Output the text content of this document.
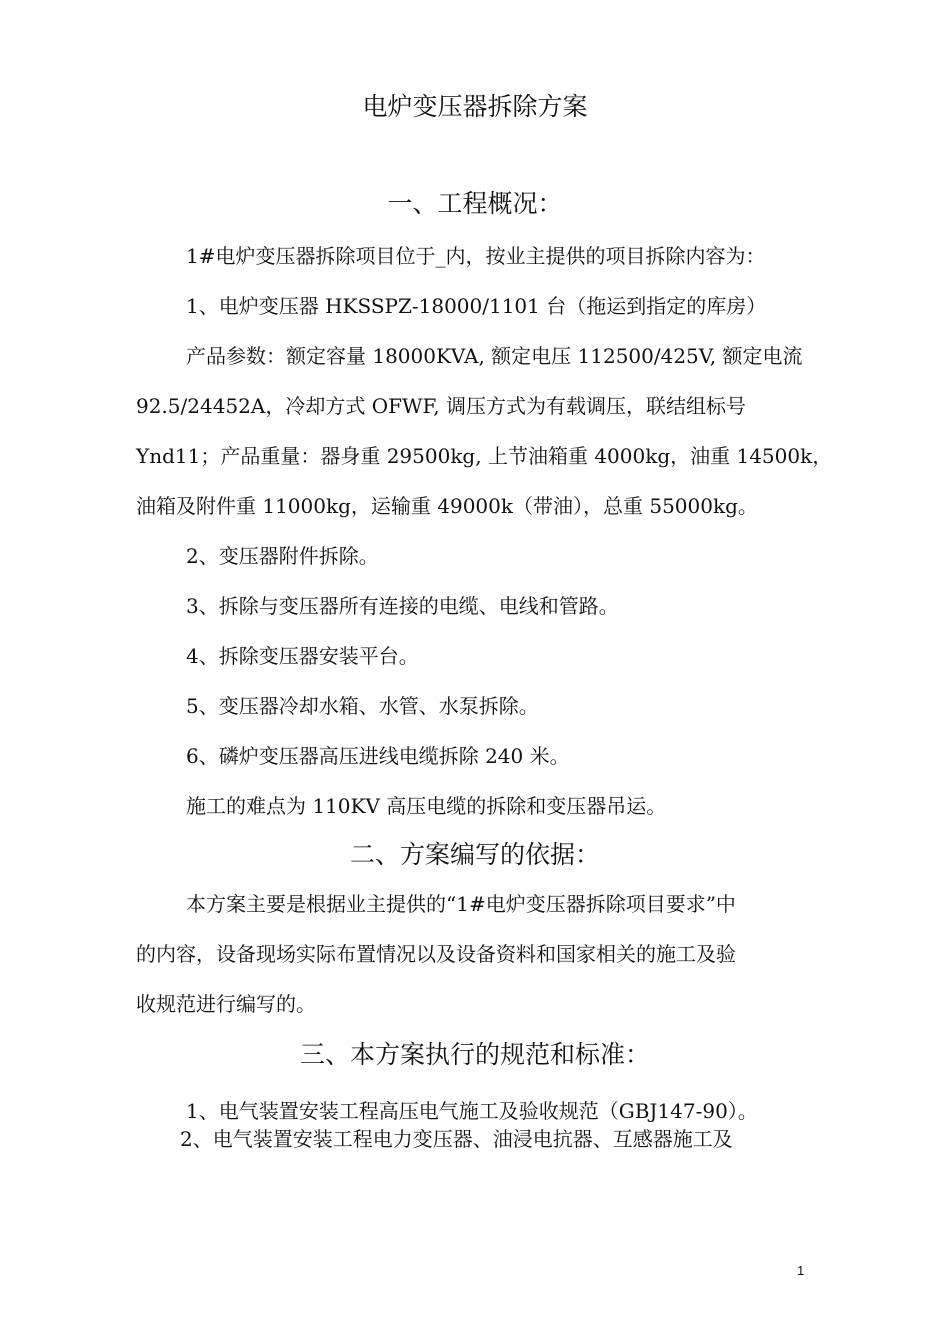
电炉变压器拆除方案
一、工程概况：
1#电炉变压器拆除项目位于_内，按业主提供的项目拆除内容为：
1、电炉变压器 HKSSPZ-18000/1101 台（拖运到指定的库房）
产品参数：额定容量 18000KVA, 额定电压 112500/425V, 额定电流
92.5/24452A，冷却方式 OFWF, 调压方式为有载调压，联结组标号
Ynd11；产品重量：器身重 29500kg, 上节油箱重 4000kg，油重 14500k，
油箱及附件重 11000kg，运输重 49000k（带油），总重 55000kg。
2、变压器附件拆除。
3、拆除与变压器所有连接的电缆、电线和管路。
4、拆除变压器安装平台。
5、变压器冷却水箱、水管、水泵拆除。
6、磷炉变压器高压进线电缆拆除 240 米。
施工的难点为 110KV 高压电缆的拆除和变压器吊运。
二、方案编写的依据：
本方案主要是根据业主提供的“1#电炉变压器拆除项目要求”中
的内容，设备现场实际布置情况以及设备资料和国家相关的施工及验
收规范进行编写的。
三、本方案执行的规范和标准：
1、电气装置安装工程高压电气施工及验收规范（GBJ147-90）。
2、电气装置安装工程电力变压器、油浸电抗器、互感器施工及
1
